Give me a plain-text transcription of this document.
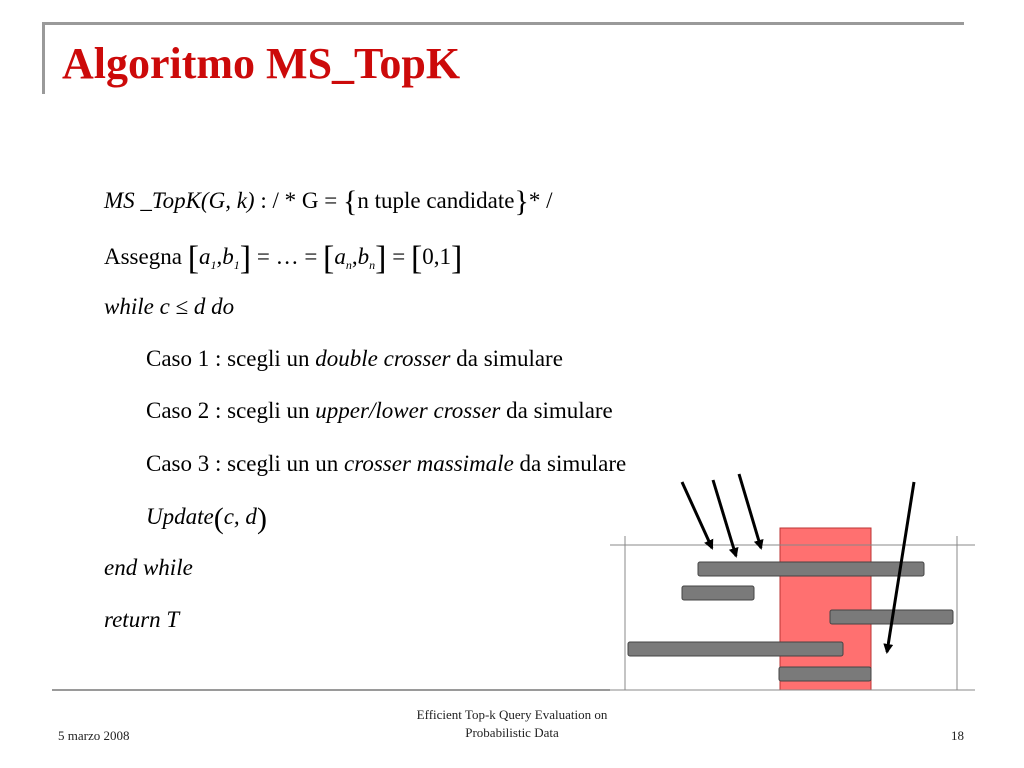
Algoritmo MS_TopK
MS _TopK(G, k) : / * G = {n tuple candidate}* /
Assegna $[a_1,b_1]$ = … = $[a_n,b_n] = [0,1]$
while c ≤ d do
Caso 1 : scegli un double crosser da simulare
Caso 2 : scegli un upper/lower crosser da simulare
Caso 3 : scegli un un crosser massimale da simulare
Update(c, d)
end while
return T
5 marzo 2008
Efficient Top-k Query Evaluation on
Probabilistic Data	18
